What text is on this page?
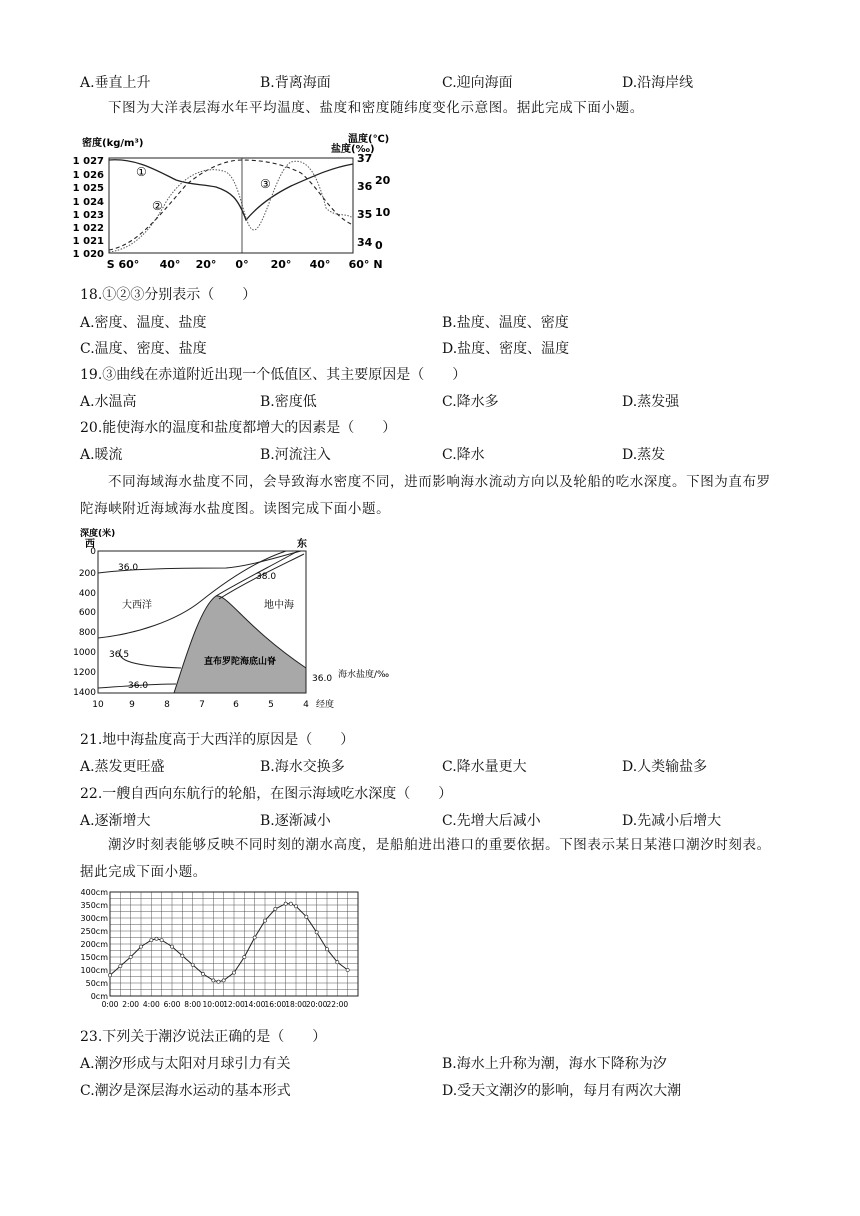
A.垂直上升	B.背离海面	C.迎向海面	D.沿海岸线
下图为大洋表层海水年平均温度、盐度和密度随纬度变化示意图。据此完成下面小题。
密度(kg/m³)	温度(℃)
盐度(‰)
1 027
1 026
1 025
1 024
1 023
1 022
1 021
1 020
37
36
35
34
20
10
0
①
②
③
S 60° 40° 20° 0° 20° 40° 60° N
18.①②③分别表示（　　）
A.密度、温度、盐度	B.盐度、温度、密度
C.温度、密度、盐度	D.盐度、密度、温度
19.③曲线在赤道附近出现一个低值区、其主要原因是（　　）
A.水温高	B.密度低	C.降水多	D.蒸发强
20.能使海水的温度和盐度都增大的因素是（　　）
A.暖流	B.河流注入	C.降水	D.蒸发
不同海域海水盐度不同，会导致海水密度不同，进而影响海水流动方向以及轮船的吃水深度。下图为直布罗陀海峡附近海域海水盐度图。读图完成下面小题。
深度(米)
西	东
0
200
400
600
800
1000
1200
1400
36.0
38.0
36.5
36.0
36.0
大西洋	地中海
直布罗陀海底山脊
海水盐度/‰
10	9	8	7	6	5	4 经度
21.地中海盐度高于大西洋的原因是（　　）
A.蒸发更旺盛	B.海水交换多	C.降水量更大	D.人类输盐多
22.一艘自西向东航行的轮船，在图示海域吃水深度（　　）
A.逐渐增大	B.逐渐减小	C.先增大后减小	D.先减小后增大
潮汐时刻表能够反映不同时刻的潮水高度，是船舶进出港口的重要依据。下图表示某日某港口潮汐时刻表。据此完成下面小题。
400cm
350cm
300cm
250cm
200cm
150cm
100cm
50cm
0cm
0:00 2:00 4:00 6:00 8:00 10:00 12:00 14:00 16:00 18:00 20:00 22:00
23.下列关于潮汐说法正确的是（　　）
A.潮汐形成与太阳对月球引力有关	B.海水上升称为潮，海水下降称为汐
C.潮汐是深层海水运动的基本形式	D.受天文潮汐的影响，每月有两次大潮
